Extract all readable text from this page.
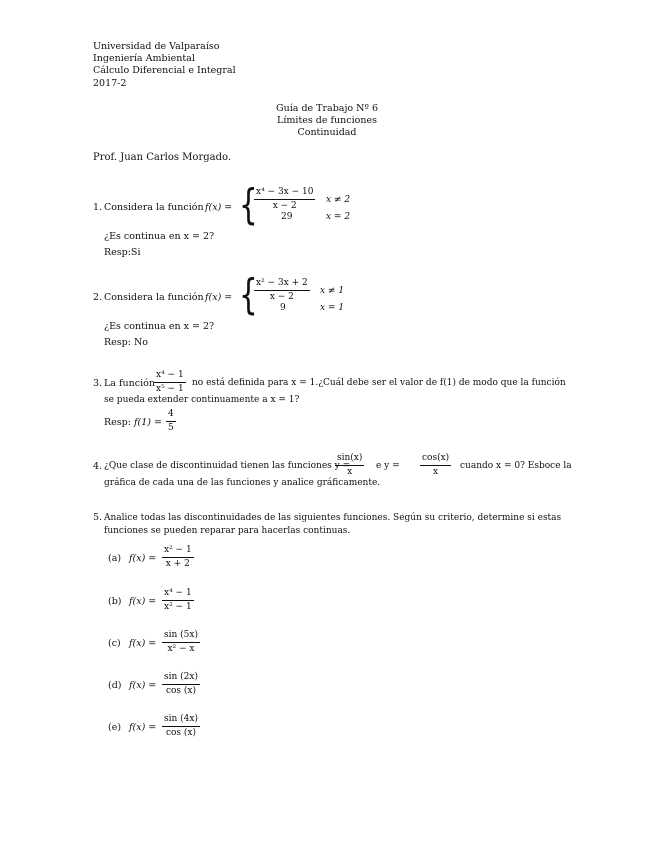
Universidad de Valparaíso
Ingeniería Ambiental
Cálculo Diferencial e Integral
2017-2
Guía de Trabajo Nº 6
Límites de funciones
Continuidad
Prof. Juan Carlos Morgado.
1. Considera la función f(x) = {
$\frac{\text{x⁴ − 3x − 10}}{x - 2}$ x ≠ 2
29	x = 2
¿Es continua en x = 2?
Resp:Si
2. Considera la función f(x) = {
$\frac{\text{x² − 3x + 2}}{x - 2}$ x ≠ 1
9	x = 1
¿Es continua en x = 2?
Resp: No
3. La función $\frac{\text{x⁴ − 1}}{\text{x⁵ − 1}}$ no está definida para x = 1.¿Cuál debe ser el valor de f(1) de modo que la función
se pueda extender continuamente a x = 1?
Resp: $f(1) = \frac{4}{5}$
4. ¿Que clase de discontinuidad tienen las funciones y =
$\frac{\sin(x)}{x}$ e $y = \frac{\cos(x)}{x}$ cuando x = 0? Esboce la
gráfica de cada una de las funciones y analice gráficamente.
5. Analice todas las discontinuidades de las siguientes funciones. Según su criterio, determine si estas funciones se pueden reparar para hacerlas continuas.
(a) $f(x) = \frac{\text{x² − 1}}{x + 2}$
(b) $f(x) = \frac{\text{x⁴ − 1}}{\text{x² − 1}}$
(c) $f(x) = \frac{\sin (5x)}{\text{x² − x}}$
(d) $f(x) = \frac{\sin (2x)}{\cos (x)}$
(e) $f(x) = \frac{\sin (4x)}{\cos (x)}$
